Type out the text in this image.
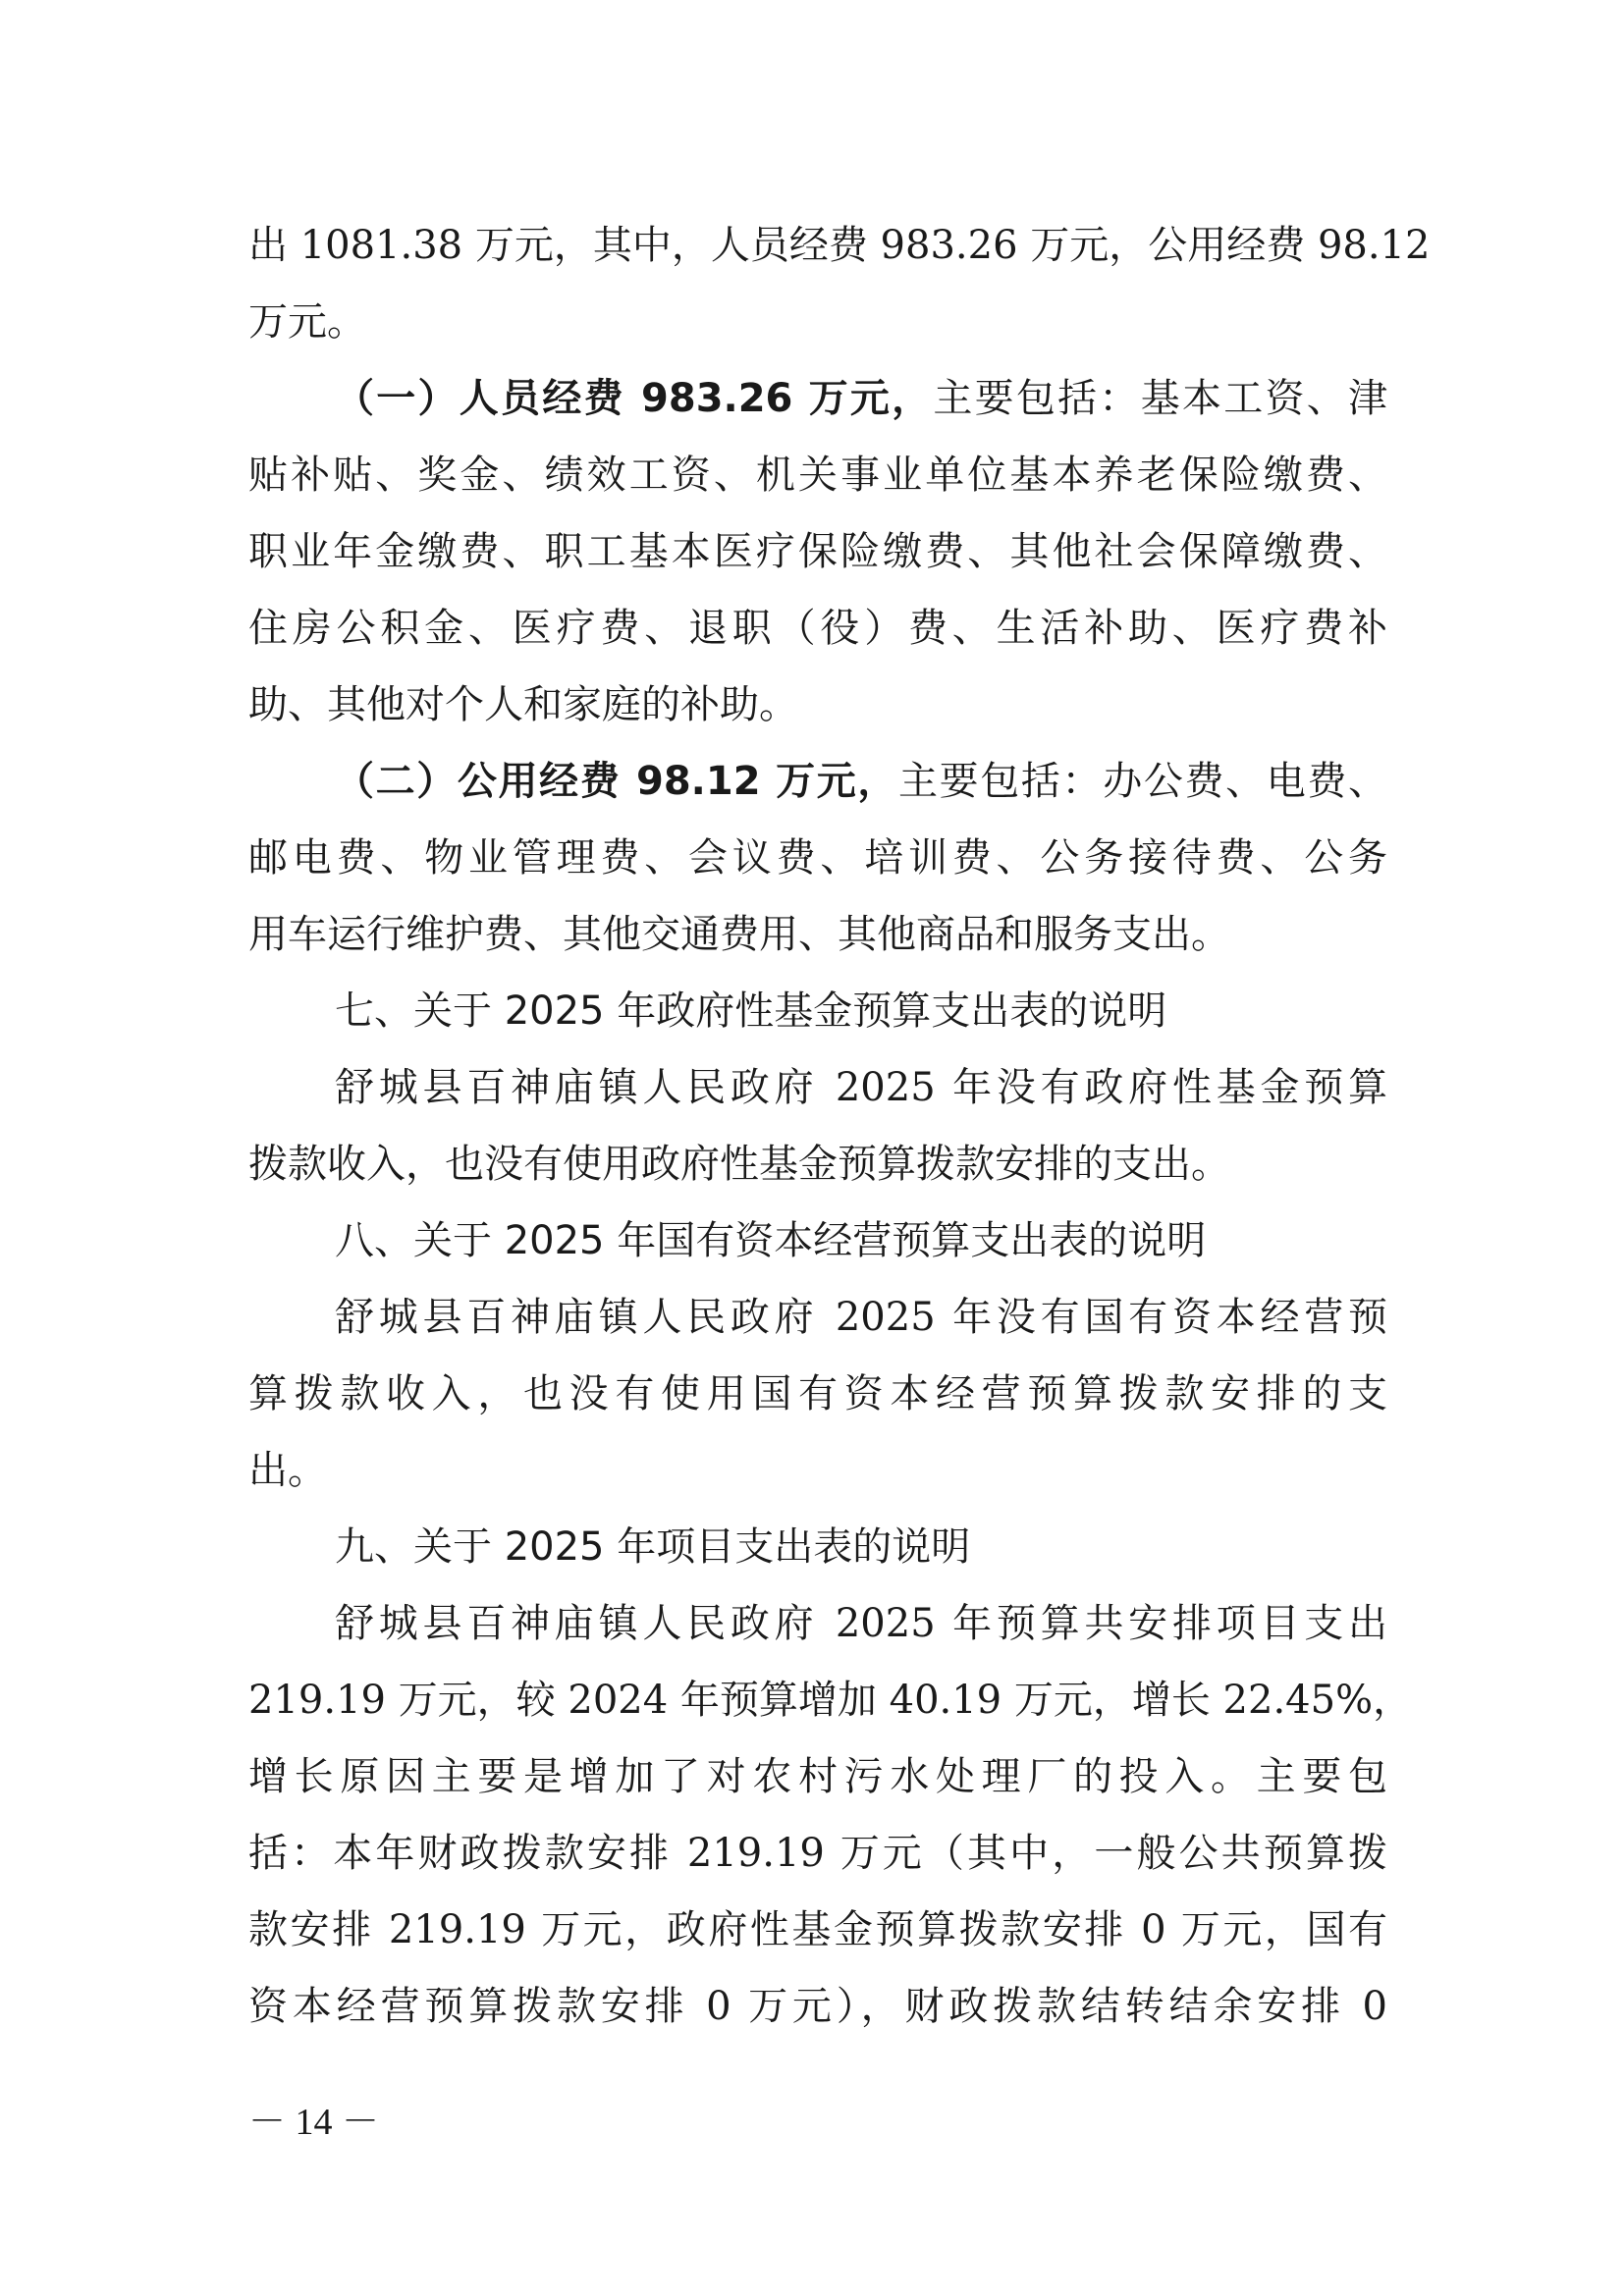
出 1081.38 万元，其中，人员经费 983.26 万元，公用经费 98.12
万元。
（一）人员经费 983.26 万元，主要包括：基本工资、津
贴补贴、奖金、绩效工资、机关事业单位基本养老保险缴费、
职业年金缴费、职工基本医疗保险缴费、其他社会保障缴费、
住房公积金、医疗费、退职（役）费、生活补助、医疗费补
助、其他对个人和家庭的补助。
（二）公用经费 98.12 万元，主要包括：办公费、电费、
邮电费、物业管理费、会议费、培训费、公务接待费、公务
用车运行维护费、其他交通费用、其他商品和服务支出。
七、关于 2025 年政府性基金预算支出表的说明
舒城县百神庙镇人民政府 2025 年没有政府性基金预算
拨款收入，也没有使用政府性基金预算拨款安排的支出。
八、关于 2025 年国有资本经营预算支出表的说明
舒城县百神庙镇人民政府 2025 年没有国有资本经营预
算拨款收入，也没有使用国有资本经营预算拨款安排的支
出。
九、关于 2025 年项目支出表的说明
舒城县百神庙镇人民政府 2025 年预算共安排项目支出
219.19 万元，较 2024 年预算增加 40.19 万元，增长 22.45%，
增长原因主要是增加了对农村污水处理厂的投入。主要包
括：本年财政拨款安排 219.19 万元（其中，一般公共预算拨
款安排 219.19 万元，政府性基金预算拨款安排 0 万元，国有
资本经营预算拨款安排 0 万元），财政拨款结转结余安排 0
－ 14 －
